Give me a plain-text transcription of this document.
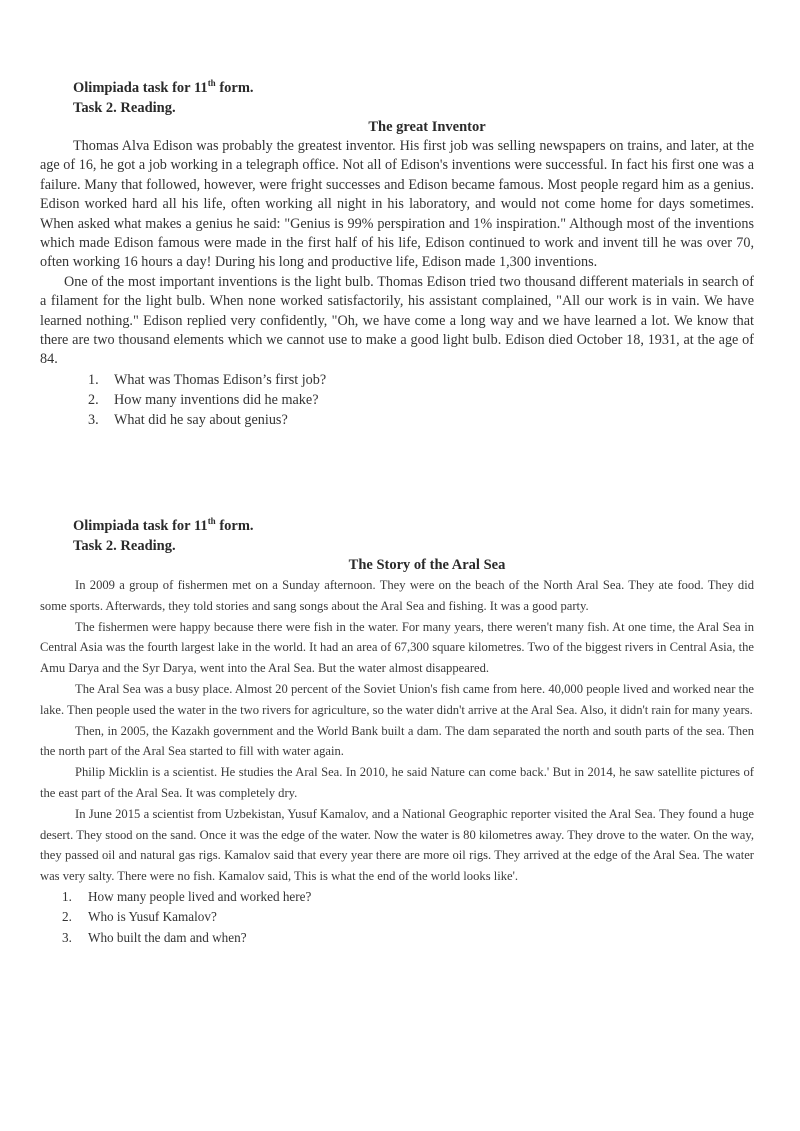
Olimpiada task for 11th form.
Task 2. Reading.
The great Inventor

Thomas Alva Edison was probably the greatest inventor. His first job was selling newspapers on trains, and later, at the age of 16, he got a job working in a telegraph office. Not all of Edison's inventions were successful. In fact his first one was a failure. Many that followed, however, were fright successes and Edison became famous. Most people regard him as a genius. Edison worked hard all his life, often working all night in his laboratory, and would not come home for days sometimes. When asked what makes a genius he said: "Genius is 99% perspiration and 1% inspiration." Although most of the inventions which made Edison famous were made in the first half of his life, Edison continued to work and invent till he was over 70, often working 16 hours a day! During his long and productive life, Edison made 1,300 inventions.

One of the most important inventions is the light bulb. Thomas Edison tried two thousand different materials in search of a filament for the light bulb. When none worked satisfactorily, his assistant complained, "All our work is in vain. We have learned nothing." Edison replied very confidently, "Oh, we have come a long way and we have learned a lot. We know that there are two thousand elements which we cannot use to make a good light bulb. Edison died October 18, 1931, at the age of 84.

1. What was Thomas Edison’s first job?
2. How many inventions did he make?
3. What did he say about genius?
Olimpiada task for 11th form.
Task 2. Reading.
The Story of the Aral Sea

In 2009 a group of fishermen met on a Sunday afternoon. They were on the beach of the North Aral Sea. They ate food. They did some sports. Afterwards, they told stories and sang songs about the Aral Sea and fishing. It was a good party.

The fishermen were happy because there were fish in the water. For many years, there weren't many fish. At one time, the Aral Sea in Central Asia was the fourth largest lake in the world. It had an area of 67,300 square kilometres. Two of the biggest rivers in Central Asia, the Amu Darya and the Syr Darya, went into the Aral Sea. But the water almost disappeared.

The Aral Sea was a busy place. Almost 20 percent of the Soviet Union's fish came from here. 40,000 people lived and worked near the lake. Then people used the water in the two rivers for agriculture, so the water didn't arrive at the Aral Sea. Also, it didn't rain for many years.

Then, in 2005, the Kazakh government and the World Bank built a dam. The dam separated the north and south parts of the sea. Then the north part of the Aral Sea started to fill with water again.

Philip Micklin is a scientist. He studies the Aral Sea. In 2010, he said Nature can come back.' But in 2014, he saw satellite pictures of the east part of the Aral Sea. It was completely dry.

In June 2015 a scientist from Uzbekistan, Yusuf Kamalov, and a National Geographic reporter visited the Aral Sea. They found a huge desert. They stood on the sand. Once it was the edge of the water. Now the water is 80 kilometres away. They drove to the water. On the way, they passed oil and natural gas rigs. Kamalov said that every year there are more oil rigs. They arrived at the edge of the Aral Sea. The water was very salty. There were no fish. Kamalov said, This is what the end of the world looks like'.

1. How many people lived and worked here?
2. Who is Yusuf Kamalov?
3. Who built the dam and when?
